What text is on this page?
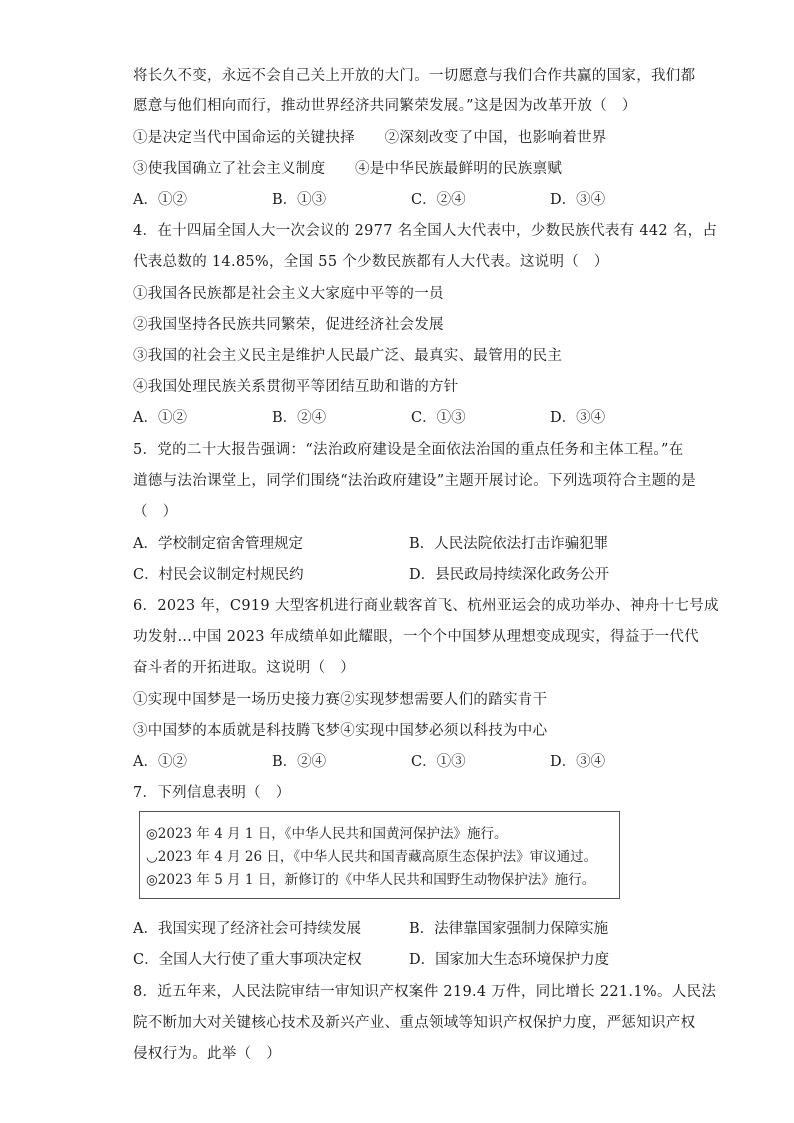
将长久不变，永远不会自己关上开放的大门。一切愿意与我们合作共赢的国家，我们都
愿意与他们相向而行，推动世界经济共同繁荣发展。”这是因为改革开放（　）
①是决定当代中国命运的关键抉择　　②深刻改变了中国，也影响着世界
③使我国确立了社会主义制度　　④是中华民族最鲜明的民族禀赋
A．①②	B．①③	C．②④	D．③④
4．在十四届全国人大一次会议的 2977 名全国人大代表中，少数民族代表有 442 名，占
代表总数的 14.85%，全国 55 个少数民族都有人大代表。这说明（　）
①我国各民族都是社会主义大家庭中平等的一员
②我国坚持各民族共同繁荣，促进经济社会发展
③我国的社会主义民主是维护人民最广泛、最真实、最管用的民主
④我国处理民族关系贯彻平等团结互助和谐的方针
A．①②	B．②④	C．①③	D．③④
5．党的二十大报告强调：“法治政府建设是全面依法治国的重点任务和主体工程。”在
道德与法治课堂上，同学们围绕“法治政府建设”主题开展讨论。下列选项符合主题的是
（　）
A．学校制定宿舍管理规定	B．人民法院依法打击诈骗犯罪
C．村民会议制定村规民约	D．县民政局持续深化政务公开
6．2023 年，C919 大型客机进行商业载客首飞、杭州亚运会的成功举办、神舟十七号成
功发射…中国 2023 年成绩单如此耀眼，一个个中国梦从理想变成现实，得益于一代代
奋斗者的开拓进取。这说明（　）
①实现中国梦是一场历史接力赛②实现梦想需要人们的踏实肯干
③中国梦的本质就是科技腾飞梦④实现中国梦必须以科技为中心
A．①②	B．②④	C．①③	D．③④
7．下列信息表明（　）
◎2023 年 4 月 1 日，《中华人民共和国黄河保护法》施行。
◡2023 年 4 月 26 日，《中华人民共和国青藏高原生态保护法》审议通过。
◎2023 年 5 月 1 日，新修订的《中华人民共和国野生动物保护法》施行。
A．我国实现了经济社会可持续发展	B．法律靠国家强制力保障实施
C．全国人大行使了重大事项决定权	D．国家加大生态环境保护力度
8．近五年来，人民法院审结一审知识产权案件 219.4 万件，同比增长 221.1%。人民法
院不断加大对关键核心技术及新兴产业、重点领域等知识产权保护力度，严惩知识产权
侵权行为。此举（　）
